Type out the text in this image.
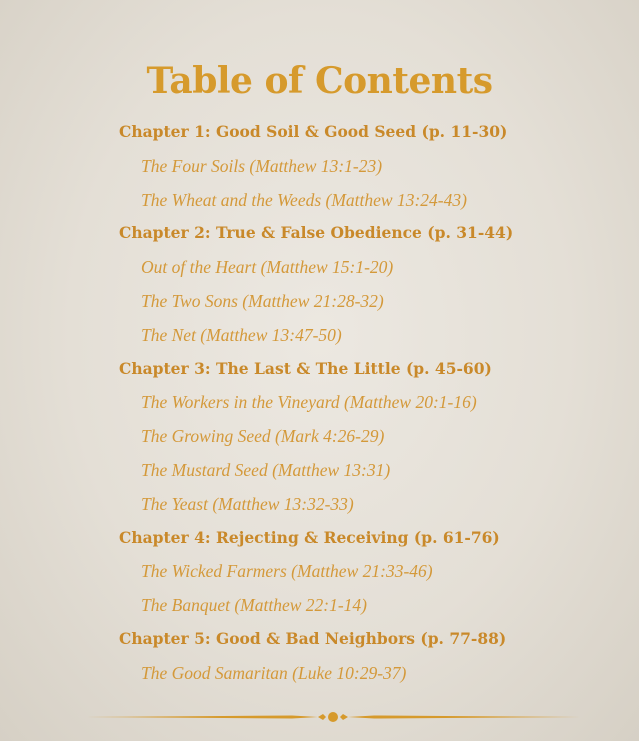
Table of Contents
Chapter 1: Good Soil & Good Seed (p. 11-30)
The Four Soils (Matthew 13:1-23)
The Wheat and the Weeds (Matthew 13:24-43)
Chapter 2: True & False Obedience (p. 31-44)
Out of the Heart (Matthew 15:1-20)
The Two Sons (Matthew 21:28-32)
The Net (Matthew 13:47-50)
Chapter 3: The Last & The Little (p. 45-60)
The Workers in the Vineyard (Matthew 20:1-16)
The Growing Seed (Mark 4:26-29)
The Mustard Seed (Matthew 13:31)
The Yeast (Matthew 13:32-33)
Chapter 4: Rejecting & Receiving (p. 61-76)
The Wicked Farmers (Matthew 21:33-46)
The Banquet (Matthew 22:1-14)
Chapter 5: Good & Bad Neighbors (p. 77-88)
The Good Samaritan (Luke 10:29-37)
